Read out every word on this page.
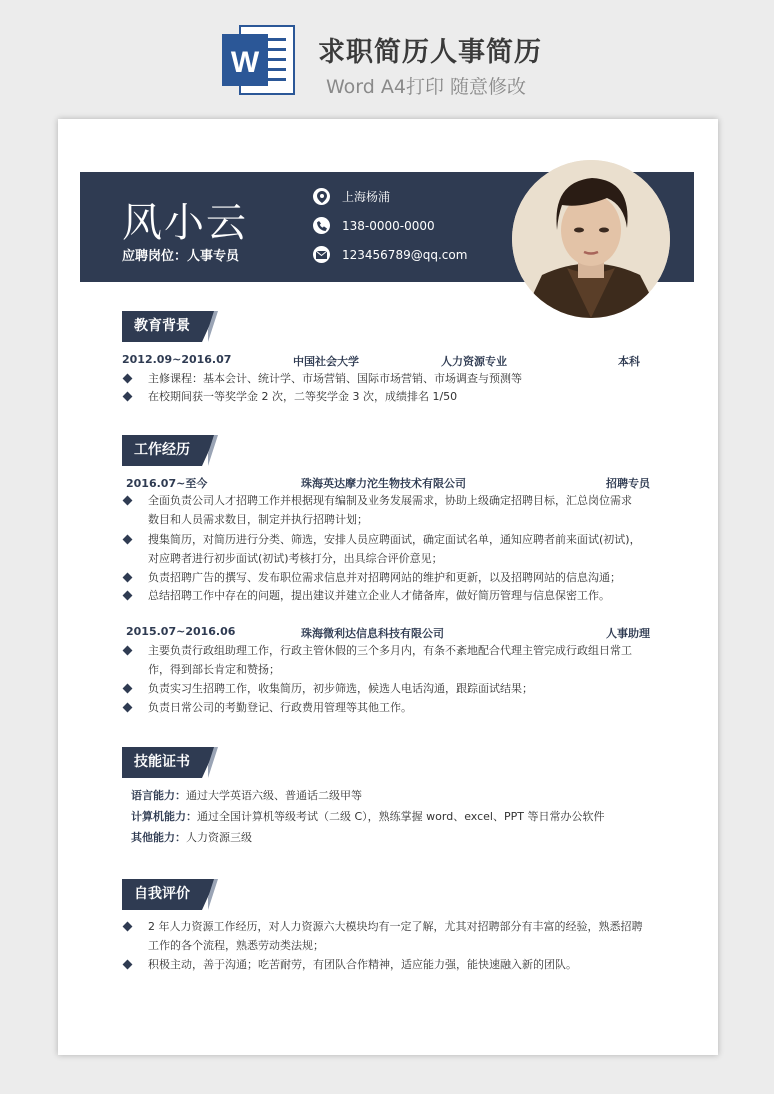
W 求职简历人事简历
Word A4打印 随意修改
风小云
应聘岗位：人事专员
上海杨浦
138-0000-0000
123456789@qq.com
教育背景
2012.09~2016.07	中国社会大学	人力资源专业	本科
主修课程：基本会计、统计学、市场营销、国际市场营销、市场调查与预测等
在校期间获一等奖学金 2 次，二等奖学金 3 次，成绩排名 1/50
工作经历
2016.07~至今	珠海英达摩力沱生物技术有限公司	招聘专员
全面负责公司人才招聘工作并根据现有编制及业务发展需求，协助上级确定招聘目标，汇总岗位需求
数目和人员需求数目，制定并执行招聘计划；
搜集简历，对简历进行分类、筛选，安排人员应聘面试，确定面试名单，通知应聘者前来面试(初试)，
对应聘者进行初步面试(初试)考核打分，出具综合评价意见；
负责招聘广告的撰写、发布职位需求信息并对招聘网站的维护和更新，以及招聘网站的信息沟通；
总结招聘工作中存在的问题，提出建议并建立企业人才储备库，做好简历管理与信息保密工作。
2015.07~2016.06	珠海微利达信息科技有限公司	人事助理
主要负责行政组助理工作，行政主管休假的三个多月内，有条不紊地配合代理主管完成行政组日常工
作，得到部长肯定和赞扬；
负责实习生招聘工作，收集简历，初步筛选，候选人电话沟通，跟踪面试结果；
负责日常公司的考勤登记、行政费用管理等其他工作。
技能证书
语言能力：通过大学英语六级、普通话二级甲等
计算机能力：通过全国计算机等级考试（二级 C），熟练掌握 word、excel、PPT 等日常办公软件
其他能力：人力资源三级
自我评价
2 年人力资源工作经历，对人力资源六大模块均有一定了解，尤其对招聘部分有丰富的经验，熟悉招聘
工作的各个流程，熟悉劳动类法规；
积极主动，善于沟通；吃苦耐劳，有团队合作精神，适应能力强，能快速融入新的团队。
